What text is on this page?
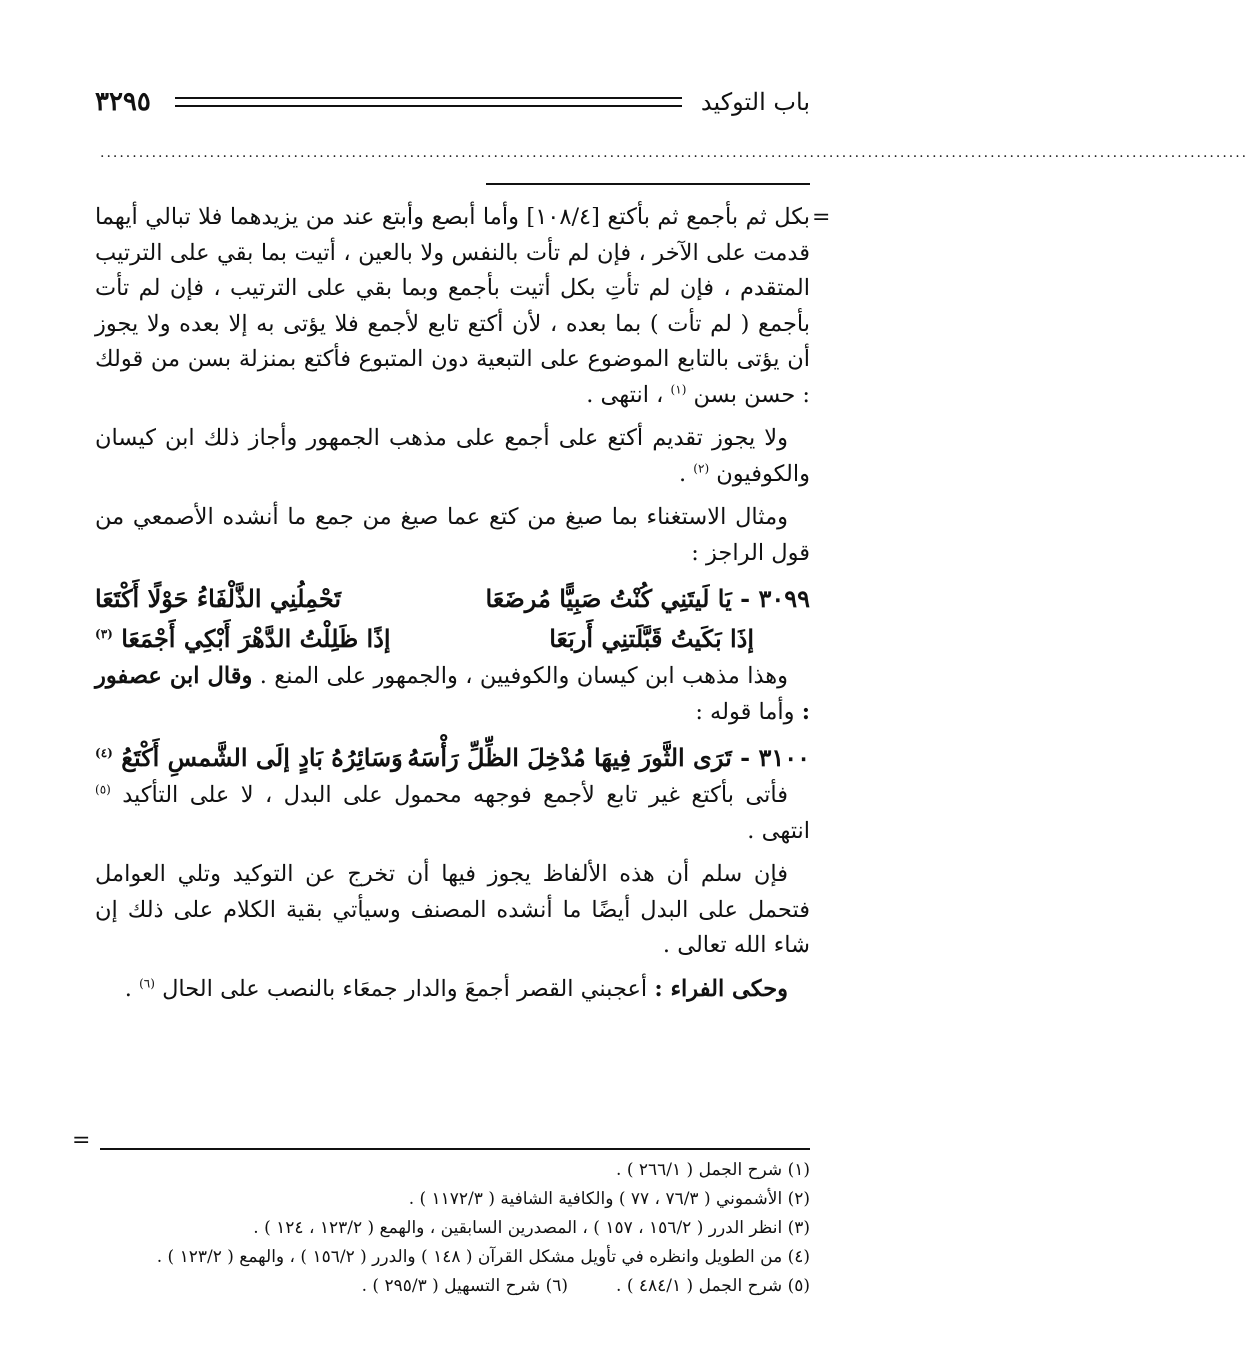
باب التوكيد
٣٢٩٥
..................................................................................................................................................................................
=

بكل ثم بأجمع ثم بأكتع [١٠٨/٤] وأما أبصع وأبتع عند من يزيدهما فلا تبالي أيهما قدمت على الآخر ، فإن لم تأت بالنفس ولا بالعين ، أتيت بما بقي على الترتيب المتقدم ، فإن لم تأتِ بكل أتيت بأجمع وبما بقي على الترتيب ، فإن لم تأت بأجمع ( لم تأت ) بما بعده ، لأن أكتع تابع لأجمع فلا يؤتى به إلا بعده ولا يجوز أن يؤتى بالتابع الموضوع على التبعية دون المتبوع فأكتع بمنزلة بسن من قولك : حسن بسن $^{(١)}$ ، انتهى .

ولا يجوز تقديم أكتع على أجمع على مذهب الجمهور وأجاز ذلك ابن كيسان والكوفيون $^{(٢)}$ .

ومثال الاستغناء بما صيغ من كتع عما صيغ من جمع ما أنشده الأصمعي من قول الراجز :

٣٠٩٩ - يَا لَيتَنِي كُنْتُ صَبِيًّا مُرضَعَا
تَحْمِلُنِي الذَّلْفَاءُ حَوْلًا أَكْتَعَا
إذَا بَكَيتُ قَبَّلَتنِي أَربَعَا
إذًا ظَلِلْتُ الدَّهْرَ أَبْكِي أَجْمَعَا $^{(٣)}$

وهذا مذهب ابن كيسان والكوفيين ، والجمهور على المنع . وقال ابن عصفور : وأما قوله :

٣١٠٠ - تَرَى الثَّورَ فِيهَا مُدْخِلَ الظِّلِّ رَأْسَهُ
وَسَائِرُهُ بَادٍ إلَى الشَّمسِ أَكْتَعُ $^{(٤)}$

فأتى بأكتع غير تابع لأجمع فوجهه محمول على البدل ، لا على التأكيد $^{(٥)}$ انتهى .

فإن سلم أن هذه الألفاظ يجوز فيها أن تخرج عن التوكيد وتلي العوامل فتحمل على البدل أيضًا ما أنشده المصنف وسيأتي بقية الكلام على ذلك إن شاء الله تعالى .

وحكى الفراء : أعجبني القصر أجمعَ والدار جمعَاء بالنصب على الحال $^{(٦)}$ .

=
(١) شرح الجمل ( ٢٦٦/١ ) .
(٢) الأشموني ( ٧٦/٣ ، ٧٧ ) والكافية الشافية ( ١١٧٢/٣ ) .
(٣) انظر الدرر ( ١٥٦/٢ ، ١٥٧ ) ، المصدرين السابقين ، والهمع ( ١٢٣/٢ ، ١٢٤ ) .
(٤) من الطويل وانظره في تأويل مشكل القرآن ( ١٤٨ ) والدرر ( ١٥٦/٢ ) ، والهمع ( ١٢٣/٢ ) .
(٥) شرح الجمل ( ٤٨٤/١ ) .
(٦) شرح التسهيل ( ٢٩٥/٣ ) .
